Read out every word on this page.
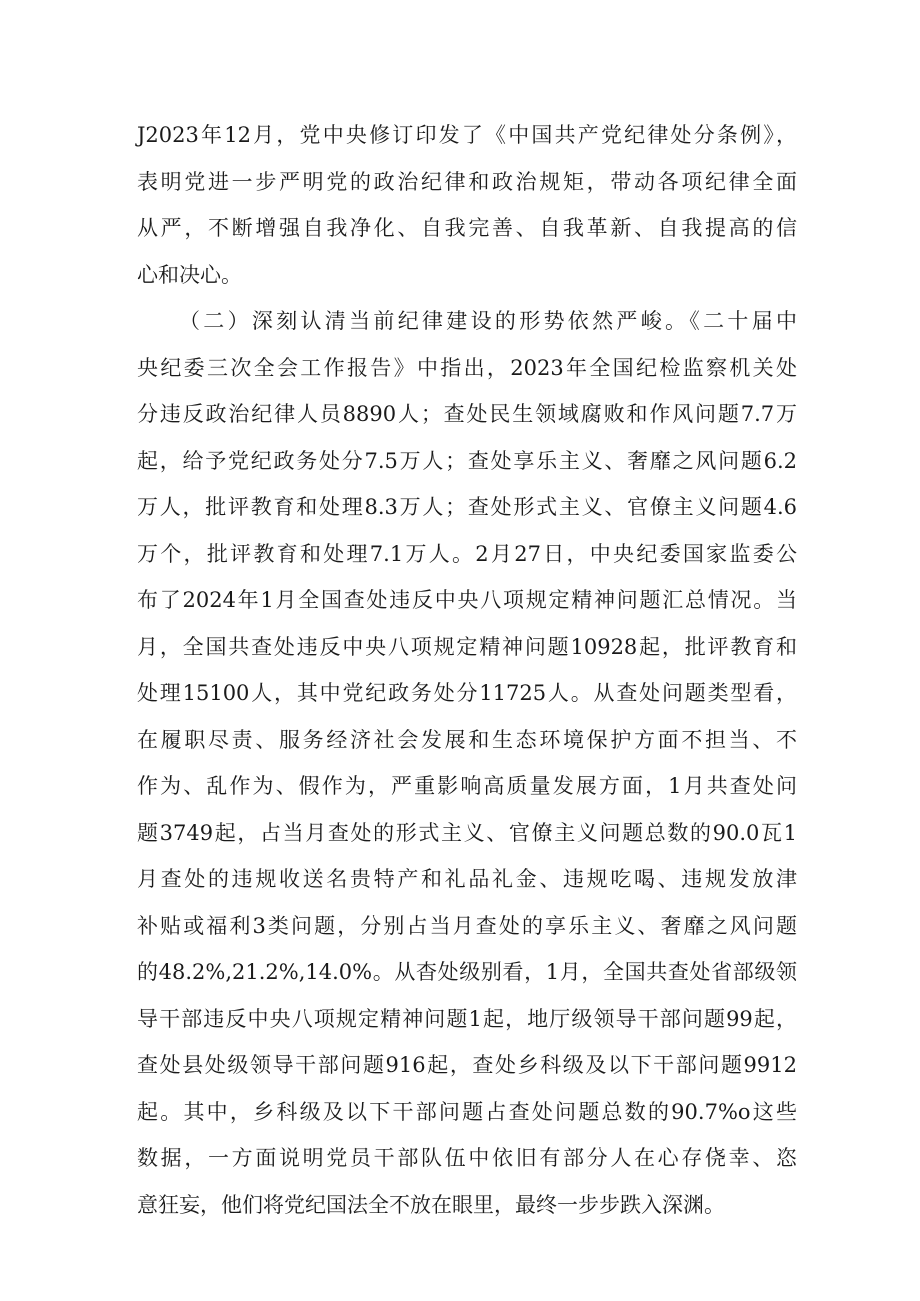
J2023年12月，党中央修订印发了《中国共产党纪律处分条例》，
表明党进一步严明党的政治纪律和政治规矩，带动各项纪律全面
从严，不断增强自我净化、自我完善、自我革新、自我提高的信
心和决心。
（二）深刻认清当前纪律建设的形势依然严峻。《二十届中
央纪委三次全会工作报告》中指出，2023年全国纪检监察机关处
分违反政治纪律人员8890人；查处民生领域腐败和作风问题7.7万
起，给予党纪政务处分7.5万人；查处享乐主义、奢靡之风问题6.2
万人，批评教育和处理8.3万人；查处形式主义、官僚主义问题4.6
万个，批评教育和处理7.1万人。2月27日，中央纪委国家监委公
布了2024年1月全国查处违反中央八项规定精神问题汇总情况。当
月，全国共查处违反中央八项规定精神问题10928起，批评教育和
处理15100人，其中党纪政务处分11725人。从查处问题类型看，
在履职尽责、服务经济社会发展和生态环境保护方面不担当、不
作为、乱作为、假作为，严重影响高质量发展方面，1月共查处问
题3749起，占当月查处的形式主义、官僚主义问题总数的90.0瓦1
月查处的违规收送名贵特产和礼品礼金、违规吃喝、违规发放津
补贴或福利3类问题，分别占当月查处的享乐主义、奢靡之风问题
的48.2%,21.2%,14.0%。从杳处级别看，1月，全国共查处省部级领
导干部违反中央八项规定精神问题1起，地厅级领导干部问题99起，
查处县处级领导干部问题916起，查处乡科级及以下干部问题9912
起。其中，乡科级及以下干部问题占查处问题总数的90.7%o这些
数据，一方面说明党员干部队伍中依旧有部分人在心存侥幸、恣
意狂妄，他们将党纪国法全不放在眼里，最终一步步跌入深渊。
